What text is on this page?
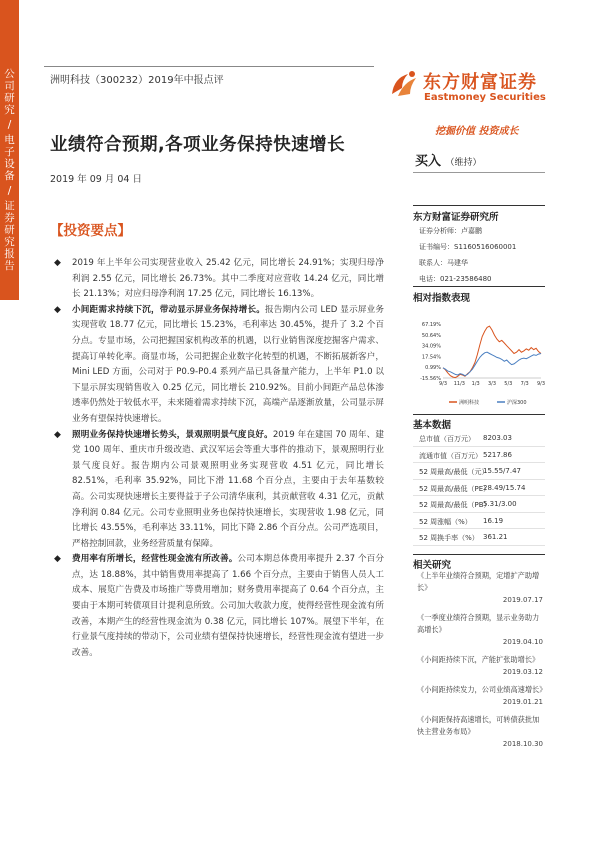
公司研究
/
电子设备
/
证券研究报告
洲明科技（300232）2019年中报点评
业绩符合预期,各项业务保持快速增长
2019 年 09 月 04 日
东方财富证券
Eastmoney Securities
挖掘价值 投资成长
买入 （维持）
【投资要点】
◆ 2019 年上半年公司实现营业收入 25.42 亿元，同比增长 24.91%；实现归母净利润 2.55 亿元，同比增长 26.73%。其中二季度对应营收 14.24 亿元，同比增长 21.13%；对应归母净利润 17.25 亿元，同比增长 16.13%。
◆ 小间距需求持续下沉，带动显示屏业务保持增长。报告期内公司 LED 显示屏业务实现营收 18.77 亿元，同比增长 15.23%，毛利率达 30.45%，提升了 3.2 个百分点。专显市场，公司把握国家机构改革的机遇，以行业销售深度挖掘客户需求、提高订单转化率。商显市场，公司把握企业数字化转型的机遇，不断拓展新客户，Mini LED 方面，公司对于 P0.9-P0.4 系列产品已具备量产能力，上半年 P1.0 以下显示屏实现销售收入 0.25 亿元，同比增长 210.92%。目前小间距产品总体渗透率仍然处于较低水平，未来随着需求持续下沉，高端产品逐渐放量，公司显示屏业务有望保持快速增长。
◆ 照明业务保持快速增长势头，景观照明景气度良好。2019 年在建国 70 周年、建党 100 周年、重庆市升级改造、武汉军运会等重大事件的推动下，景观照明行业景气度良好。报告期内公司景观照明业务实现营收 4.51 亿元，同比增长 82.51%，毛利率 35.92%，同比下滑 11.68 个百分点，主要由于去年基数较高。公司实现快速增长主要得益于子公司清华康利，其贡献营收 4.31 亿元，贡献净利润 0.84 亿元。公司专业照明业务也保持快速增长，实现营收 1.98 亿元，同比增长 43.55%，毛利率达 33.11%，同比下降 2.86 个百分点。公司严选项目，严格控制回款，业务经营质量有保障。
◆ 费用率有所增长，经营性现金流有所改善。公司本期总体费用率提升 2.37 个百分点，达 18.88%，其中销售费用率提高了 1.66 个百分点，主要由于销售人员人工成本、展览广告费及市场推广等费用增加；财务费用率提高了 0.64 个百分点，主要由于本期可转债项目计提利息所致。公司加大收款力度，使得经营性现金流有所改善，本期产生的经营性现金流为 0.38 亿元，同比增长 107%。展望下半年，在行业景气度持续的带动下，公司业绩有望保持快速增长，经营性现金流有望进一步改善。
东方财富证券研究所
证券分析师：卢嘉鹏
证书编号：S1160516060001
联系人：马建华
电话：021-23586480
相对指数表现
67.19%
50.64%
34.09%
17.54%
0.99%
-15.56%
9/3 11/3 1/3 3/3 5/3 7/3 9/3
洲明科技	沪深300
基本数据
总市值（百万元） 8203.03
流通市值（百万元） 5217.86
52 周最高/最低（元）
15.55/7.47
52 周最高/最低（PE）
28.49/15.74
52 周最高/最低（PB）
5.31/3.00
52 周涨幅（%） 16.19
52 周换手率（%） 361.21
相关研究
《上半年业绩符合预期，定增扩产助增长》
2019.07.17
《一季度业绩符合预期，显示业务助力高增长》
2019.04.10
《小间距持续下沉，产能扩张助增长》
2019.03.12
《小间距持续发力，公司业绩高速增长》
2019.01.21
《小间距保持高速增长，可转债获批加快主营业务布局》
2018.10.30
